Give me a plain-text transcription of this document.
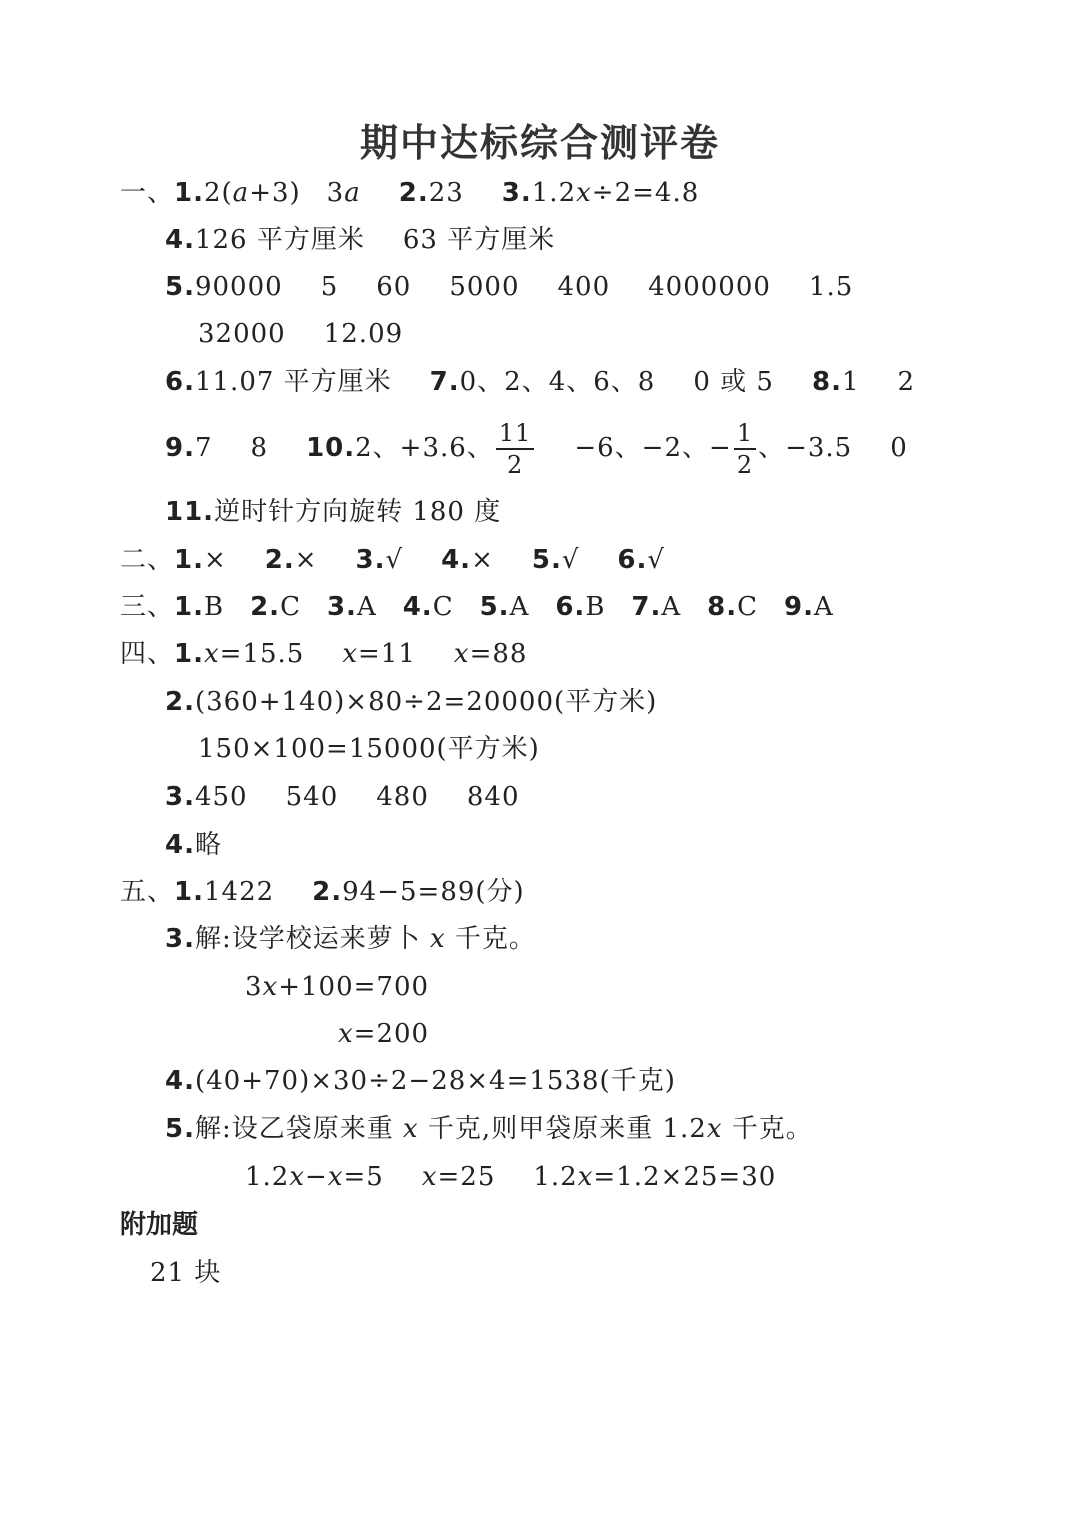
期中达标综合测评卷
一、1.2(a+3) 3a 2.23 3.1.2x÷2=4.8
4.126 平方厘米 63 平方厘米
5.90000 5 60 5000 400 4000000 1.5
32000 12.09
6.11.07 平方厘米 7.0、2、4、6、8 0 或 5 8.1 2
9.7 8 10.2、+3.6、 $\frac{11}{2} -6$、−2、− $\frac{1}{2}$ 、−3.5 0
11.逆时针方向旋转 180 度
二、1.× 2.× 3.√ 4.× 5.√ 6.√
三、1.B 2.C 3.A 4.C 5.A 6.B 7.A 8.C 9.A
四、1.x=15.5 x=11 x=88
2.(360+140)×80÷2=20000(平方米)
150×100=15000(平方米)
3.450 540 480 840
4.略
五、1.1422 2.94−5=89(分)
3.解:设学校运来萝卜 x 千克。
3x+100=700
x=200
4.(40+70)×30÷2−28×4=1538(千克)
5.解:设乙袋原来重 x 千克,则甲袋原来重 1.2x 千克。
1.2x−x=5 x=25 1.2x=1.2×25=30
附加题
21 块
